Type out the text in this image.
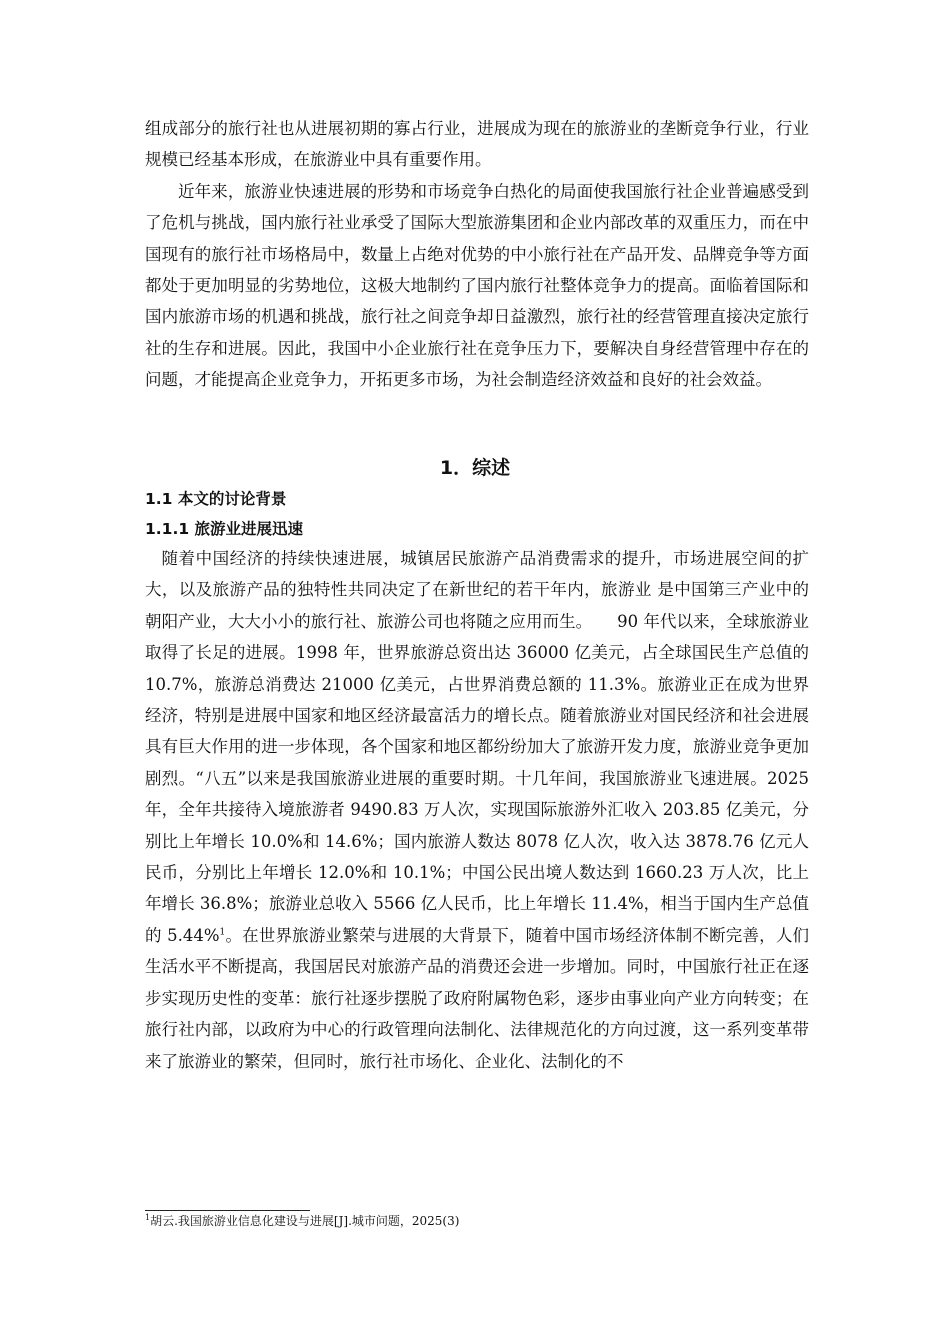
组成部分的旅行社也从进展初期的寡占行业，进展成为现在的旅游业的垄断竞争行业，行业规模已经基本形成，在旅游业中具有重要作用。

近年来，旅游业快速进展的形势和市场竞争白热化的局面使我国旅行社企业普遍感受到了危机与挑战，国内旅行社业承受了国际大型旅游集团和企业内部改革的双重压力，而在中国现有的旅行社市场格局中，数量上占绝对优势的中小旅行社在产品开发、品牌竞争等方面都处于更加明显的劣势地位，这极大地制约了国内旅行社整体竞争力的提高。面临着国际和国内旅游市场的机遇和挑战，旅行社之间竞争却日益激烈，旅行社的经营管理直接决定旅行社的生存和进展。因此，我国中小企业旅行社在竞争压力下，要解决自身经营管理中存在的问题，才能提高企业竞争力，开拓更多市场，为社会制造经济效益和良好的社会效益。

1．综述
1.1 本文的讨论背景
1.1.1 旅游业进展迅速

随着中国经济的持续快速进展，城镇居民旅游产品消费需求的提升，市场进展空间的扩大，以及旅游产品的独特性共同决定了在新世纪的若干年内，旅游业 是中国第三产业中的朝阳产业，大大小小的旅行社、旅游公司也将随之应用而生。　　90 年代以来，全球旅游业取得了长足的进展。1998 年，世界旅游总资出达 36000 亿美元，占全球国民生产总值的 10.7%，旅游总消费达 21000 亿美元，占世界消费总额的 11.3%。旅游业正在成为世界经济，特别是进展中国家和地区经济最富活力的增长点。随着旅游业对国民经济和社会进展具有巨大作用的进一步体现，各个国家和地区都纷纷加大了旅游开发力度，旅游业竞争更加剧烈。“八五”以来是我国旅游业进展的重要时期。十几年间，我国旅游业飞速进展。2025 年，全年共接待入境旅游者 9490.83 万人次，实现国际旅游外汇收入 203.85 亿美元，分别比上年增长 10.0%和 14.6%；国内旅游人数达 8078 亿人次，收入达 3878.76 亿元人民币，分别比上年增长 12.0%和 10.1%；中国公民出境人数达到 1660.23 万人次，比上年增长 36.8%；旅游业总收入 5566 亿人民币，比上年增长 11.4%，相当于国内生产总值的 5.44%$^1$。在世界旅游业繁荣与进展的大背景下，随着中国市场经济体制不断完善，人们生活水平不断提高，我国居民对旅游产品的消费还会进一步增加。同时，中国旅行社正在逐步实现历史性的变革：旅行社逐步摆脱了政府附属物色彩，逐步由事业向产业方向转变；在旅行社内部，以政府为中心的行政管理向法制化、法律规范化的方向过渡，这一系列变革带来了旅游业的繁荣，但同时，旅行社市场化、企业化、法制化的不

$^1$胡云.我国旅游业信息化建设与进展[J].城市问题，2025(3)
